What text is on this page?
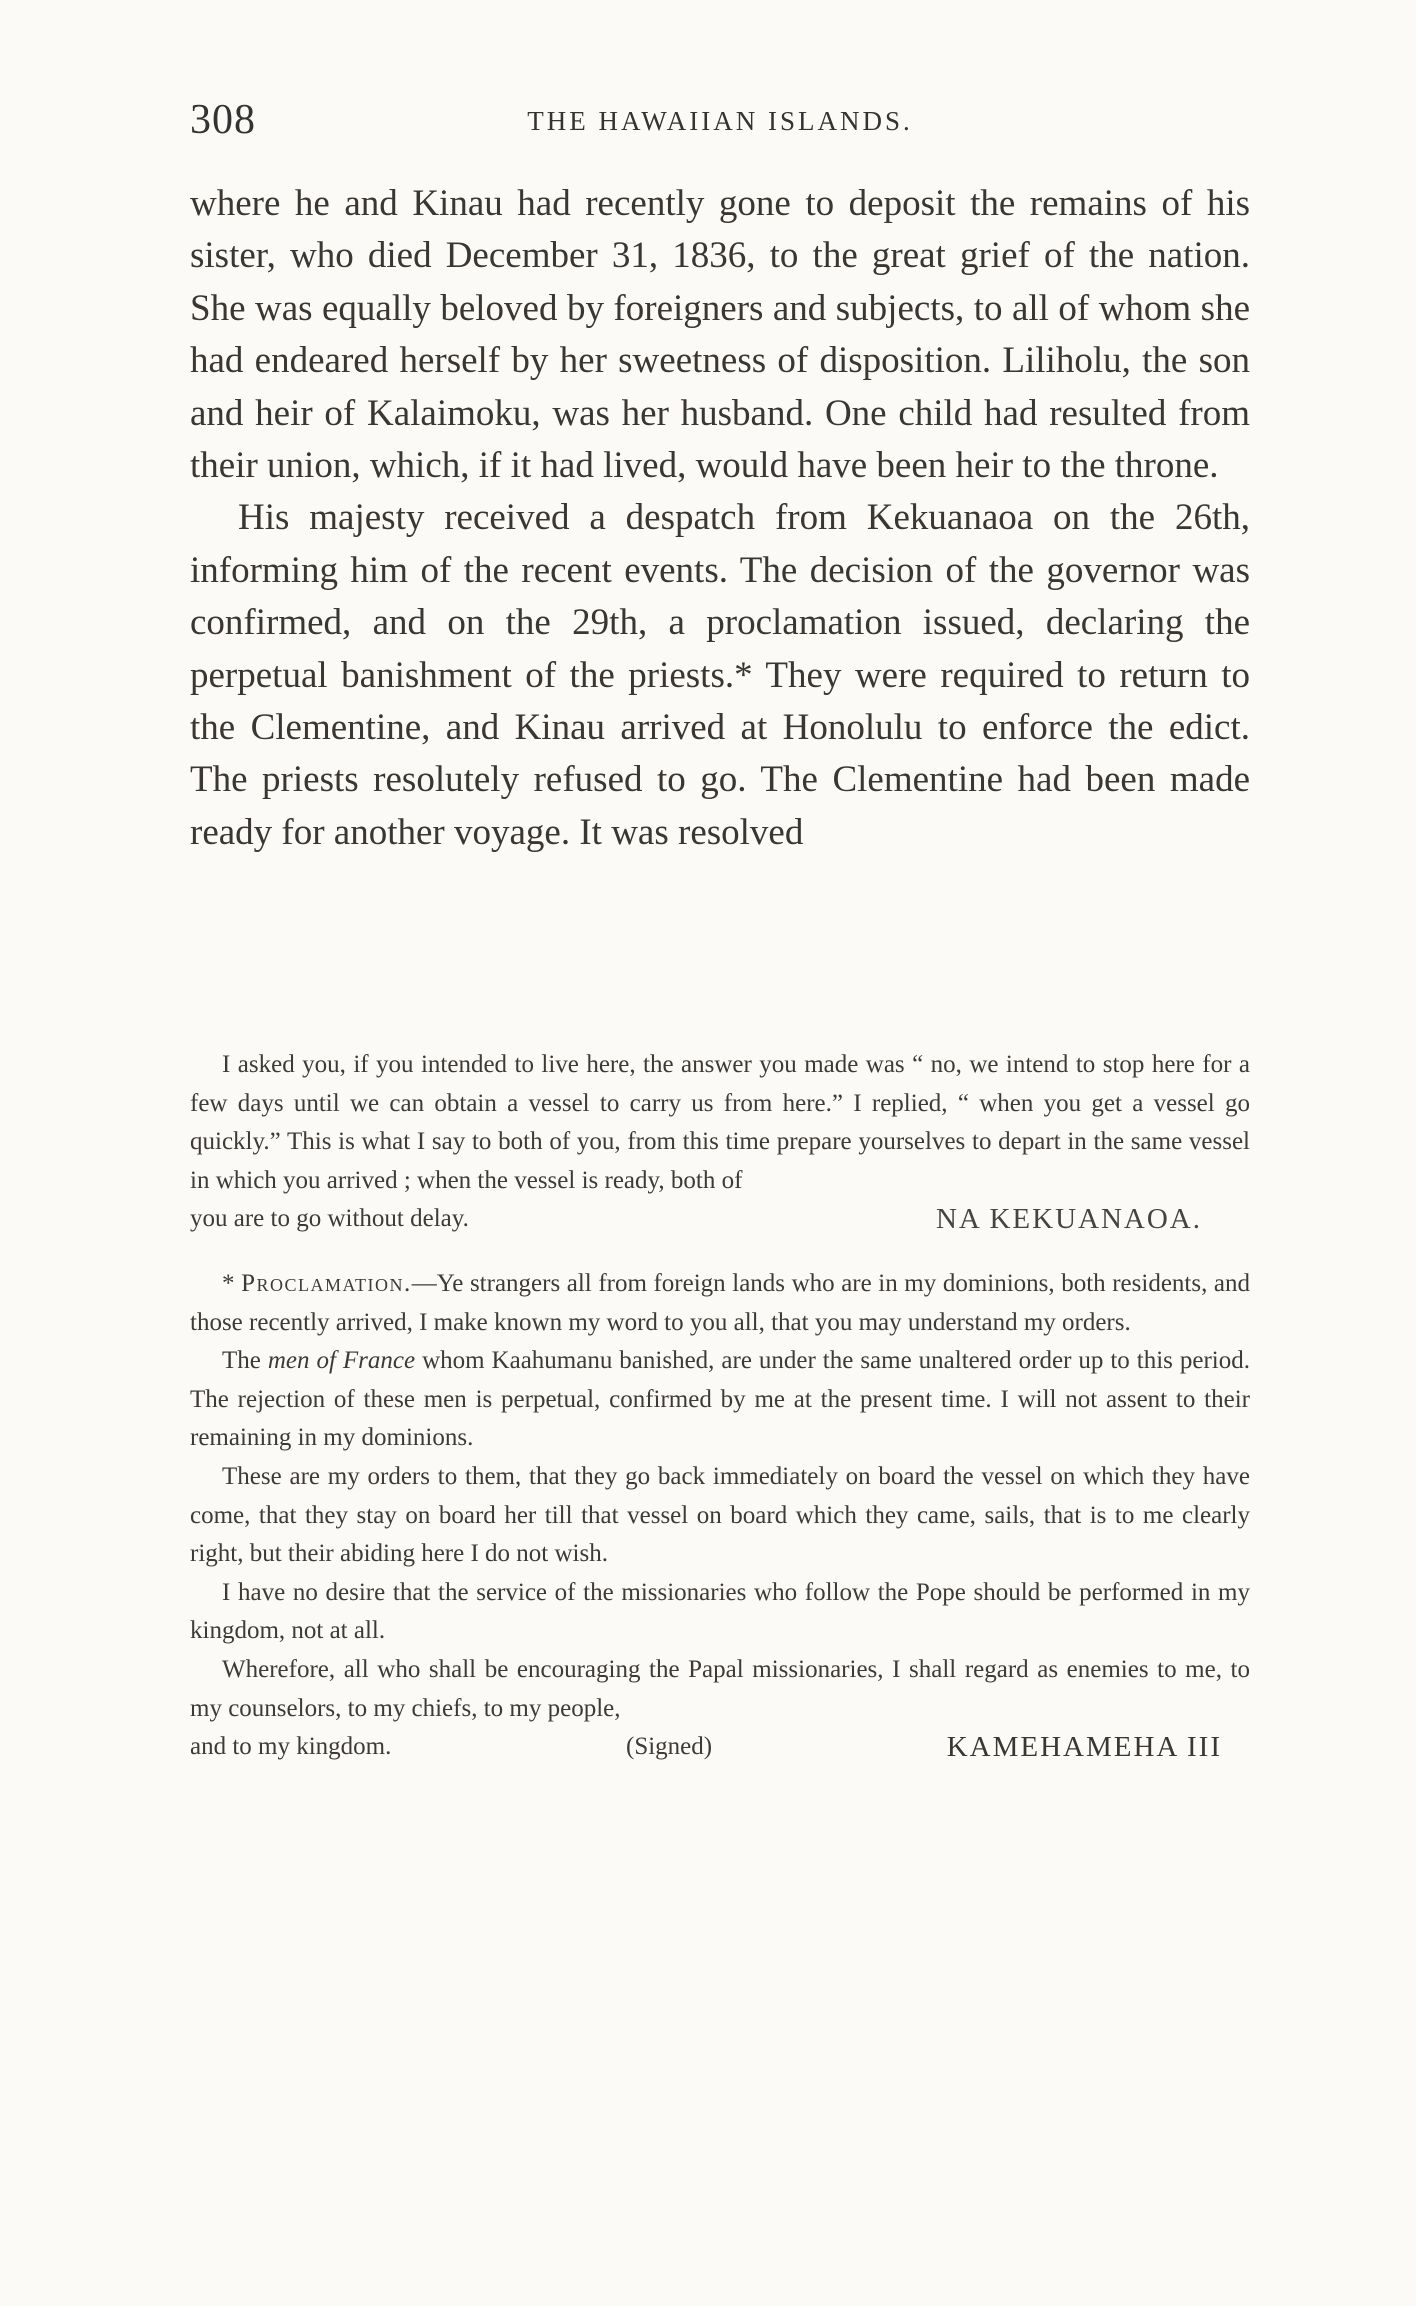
308	THE HAWAIIAN ISLANDS.

where he and Kinau had recently gone to deposit the remains of his sister, who died December 31, 1836, to the great grief of the nation. She was equally beloved by foreigners and subjects, to all of whom she had endeared herself by her sweetness of disposition. Liliholu, the son and heir of Kalaimoku, was her husband. One child had resulted from their union, which, if it had lived, would have been heir to the throne.

His majesty received a despatch from Kekuanaoa on the 26th, informing him of the recent events. The decision of the governor was confirmed, and on the 29th, a proclamation issued, declaring the perpetual banishment of the priests.* They were required to return to the Clementine, and Kinau arrived at Honolulu to enforce the edict. The priests resolutely refused to go. The Clementine had been made ready for another voyage. It was resolved

I asked you, if you intended to live here, the answer you made was “ no, we intend to stop here for a few days until we can obtain a vessel to carry us from here.” I replied, “ when you get a vessel go quickly.” This is what I say to both of you, from this time prepare yourselves to depart in the same vessel in which you arrived ; when the vessel is ready, both of

you are to go without delay.	NA KEKUANAOA.

* Proclamation.—Ye strangers all from foreign lands who are in my dominions, both residents, and those recently arrived, I make known my word to you all, that you may understand my orders.

The men of France whom Kaahumanu banished, are under the same unaltered order up to this period. The rejection of these men is perpetual, confirmed by me at the present time. I will not assent to their remaining in my dominions.

These are my orders to them, that they go back immediately on board the vessel on which they have come, that they stay on board her till that vessel on board which they came, sails, that is to me clearly right, but their abiding here I do not wish.

I have no desire that the service of the missionaries who follow the Pope should be performed in my kingdom, not at all.

Wherefore, all who shall be encouraging the Papal missionaries, I shall regard as enemies to me, to my counselors, to my chiefs, to my people,

and to my kingdom.	(Signed)	KAMEHAMEHA III
